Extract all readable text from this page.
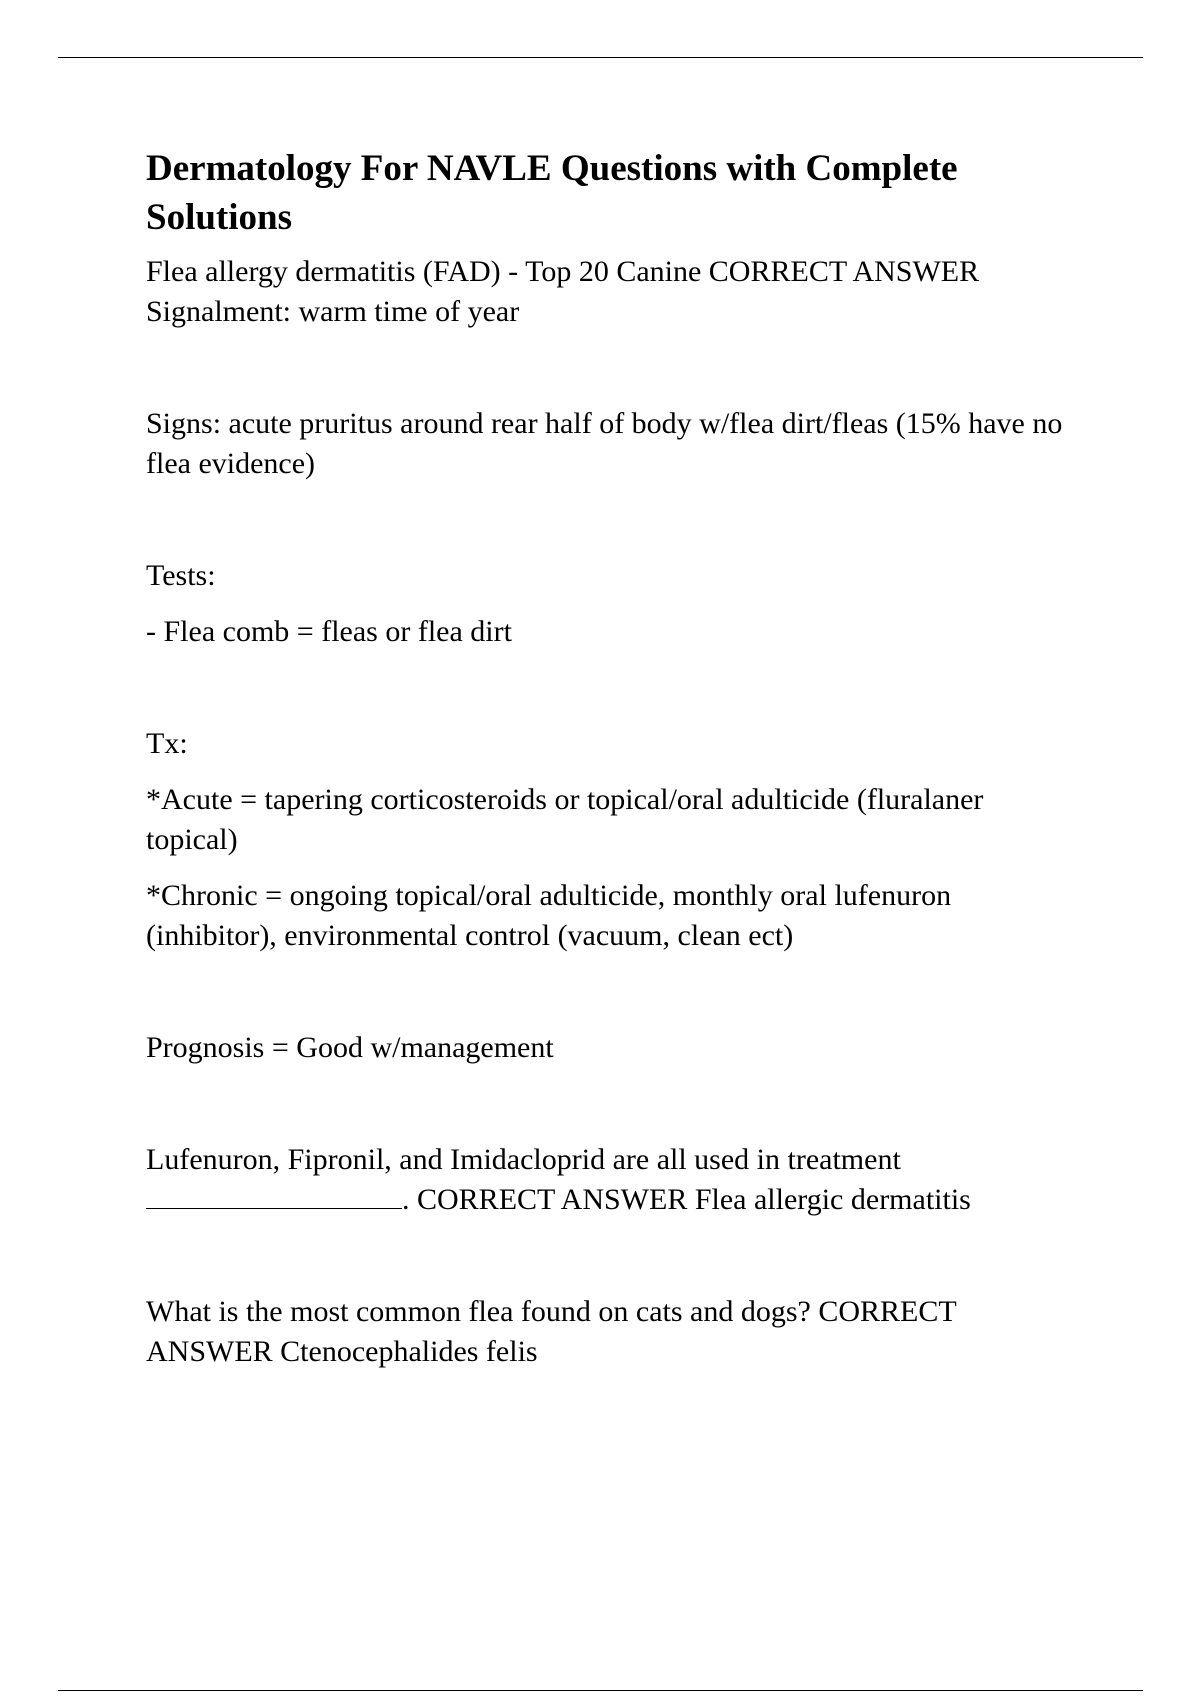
Dermatology For NAVLE Questions with Complete Solutions

Flea allergy dermatitis (FAD) - Top 20 Canine CORRECT ANSWER Signalment: warm time of year

Signs: acute pruritus around rear half of body w/flea dirt/fleas (15% have no flea evidence)

Tests:

- Flea comb = fleas or flea dirt

Tx:

*Acute = tapering corticosteroids or topical/oral adulticide (fluralaner topical)

*Chronic = ongoing topical/oral adulticide, monthly oral lufenuron (inhibitor), environmental control (vacuum, clean ect)

Prognosis = Good w/management

Lufenuron, Fipronil, and Imidacloprid are all used in treatment
. CORRECT ANSWER Flea allergic dermatitis

What is the most common flea found on cats and dogs? CORRECT ANSWER Ctenocephalides felis
